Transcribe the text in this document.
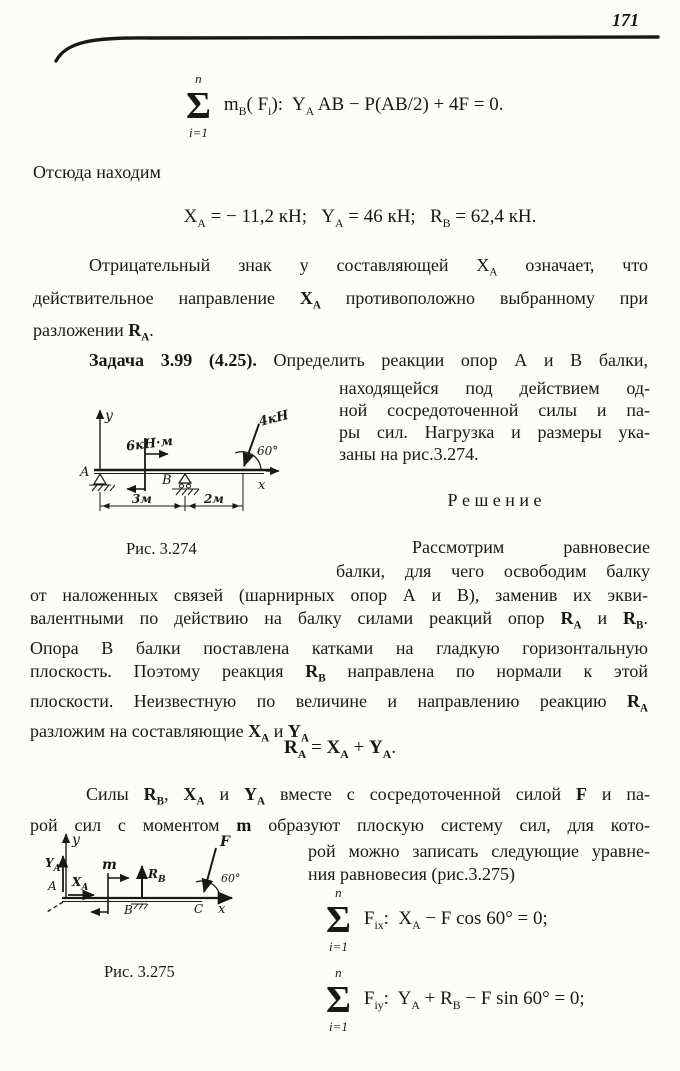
171
n
Σ
i=1
$m_B$( $F_i$):  $Y_A$ AB − P(AB/2) + 4F = 0.
Отсюда находим
$X_A$ = − 11,2 кН;   $Y_A = 46$ кН;   $R_B = 62,4$ кН.
Отрицательный знак у составляющей $X_A$ означает, что
действительное направление $X_A$ противоположно выбранному при
разложении $R_A$.
Задача 3.99 (4.25). Определить реакции опор А и В балки,
находящейся под действием од-
ной сосредоточенной силы и па-
ры сил. Нагрузка и размеры ука-
заны на рис.3.274.
Р е ш е н и е
Рассмотрим равновесие
балки, для чего освободим балку
y
x
A
6кН·м
B
4кН
60°
3м	2м
Рис. 3.274
от наложенных связей (шарнирных опор А и В), заменив их экви-
валентными по действию на балку силами реакций опор $R_A$ и $R_B$.
Опора В балки поставлена катками на гладкую горизонтальную
плоскость. Поэтому реакция $R_B$ направлена по нормали к этой
плоскости. Неизвестную по величине и направлению реакцию $R_A$
разложим на составляющие $X_A$ и $Y_A$
$R_A = X_A + Y_A$.
Силы $R_B$, $X_A$ и $Y_A$ вместе с сосредоточенной силой F и па-
рой сил с моментом m образуют плоскую систему сил, для кото-
рой можно записать следующие уравне-
ния равновесия (рис.3.275)
y
x
$Y_A$
A $X_A$
m
$R_B$
B
F
60°
C
Рис. 3.275
n
Σ
i=1
$F_{ix}$:  $X_A - F$ cos 60° = 0;
n
Σ
i=1
$F_{iy}$:  $Y_A + R_B - F$ sin 60° = 0;
